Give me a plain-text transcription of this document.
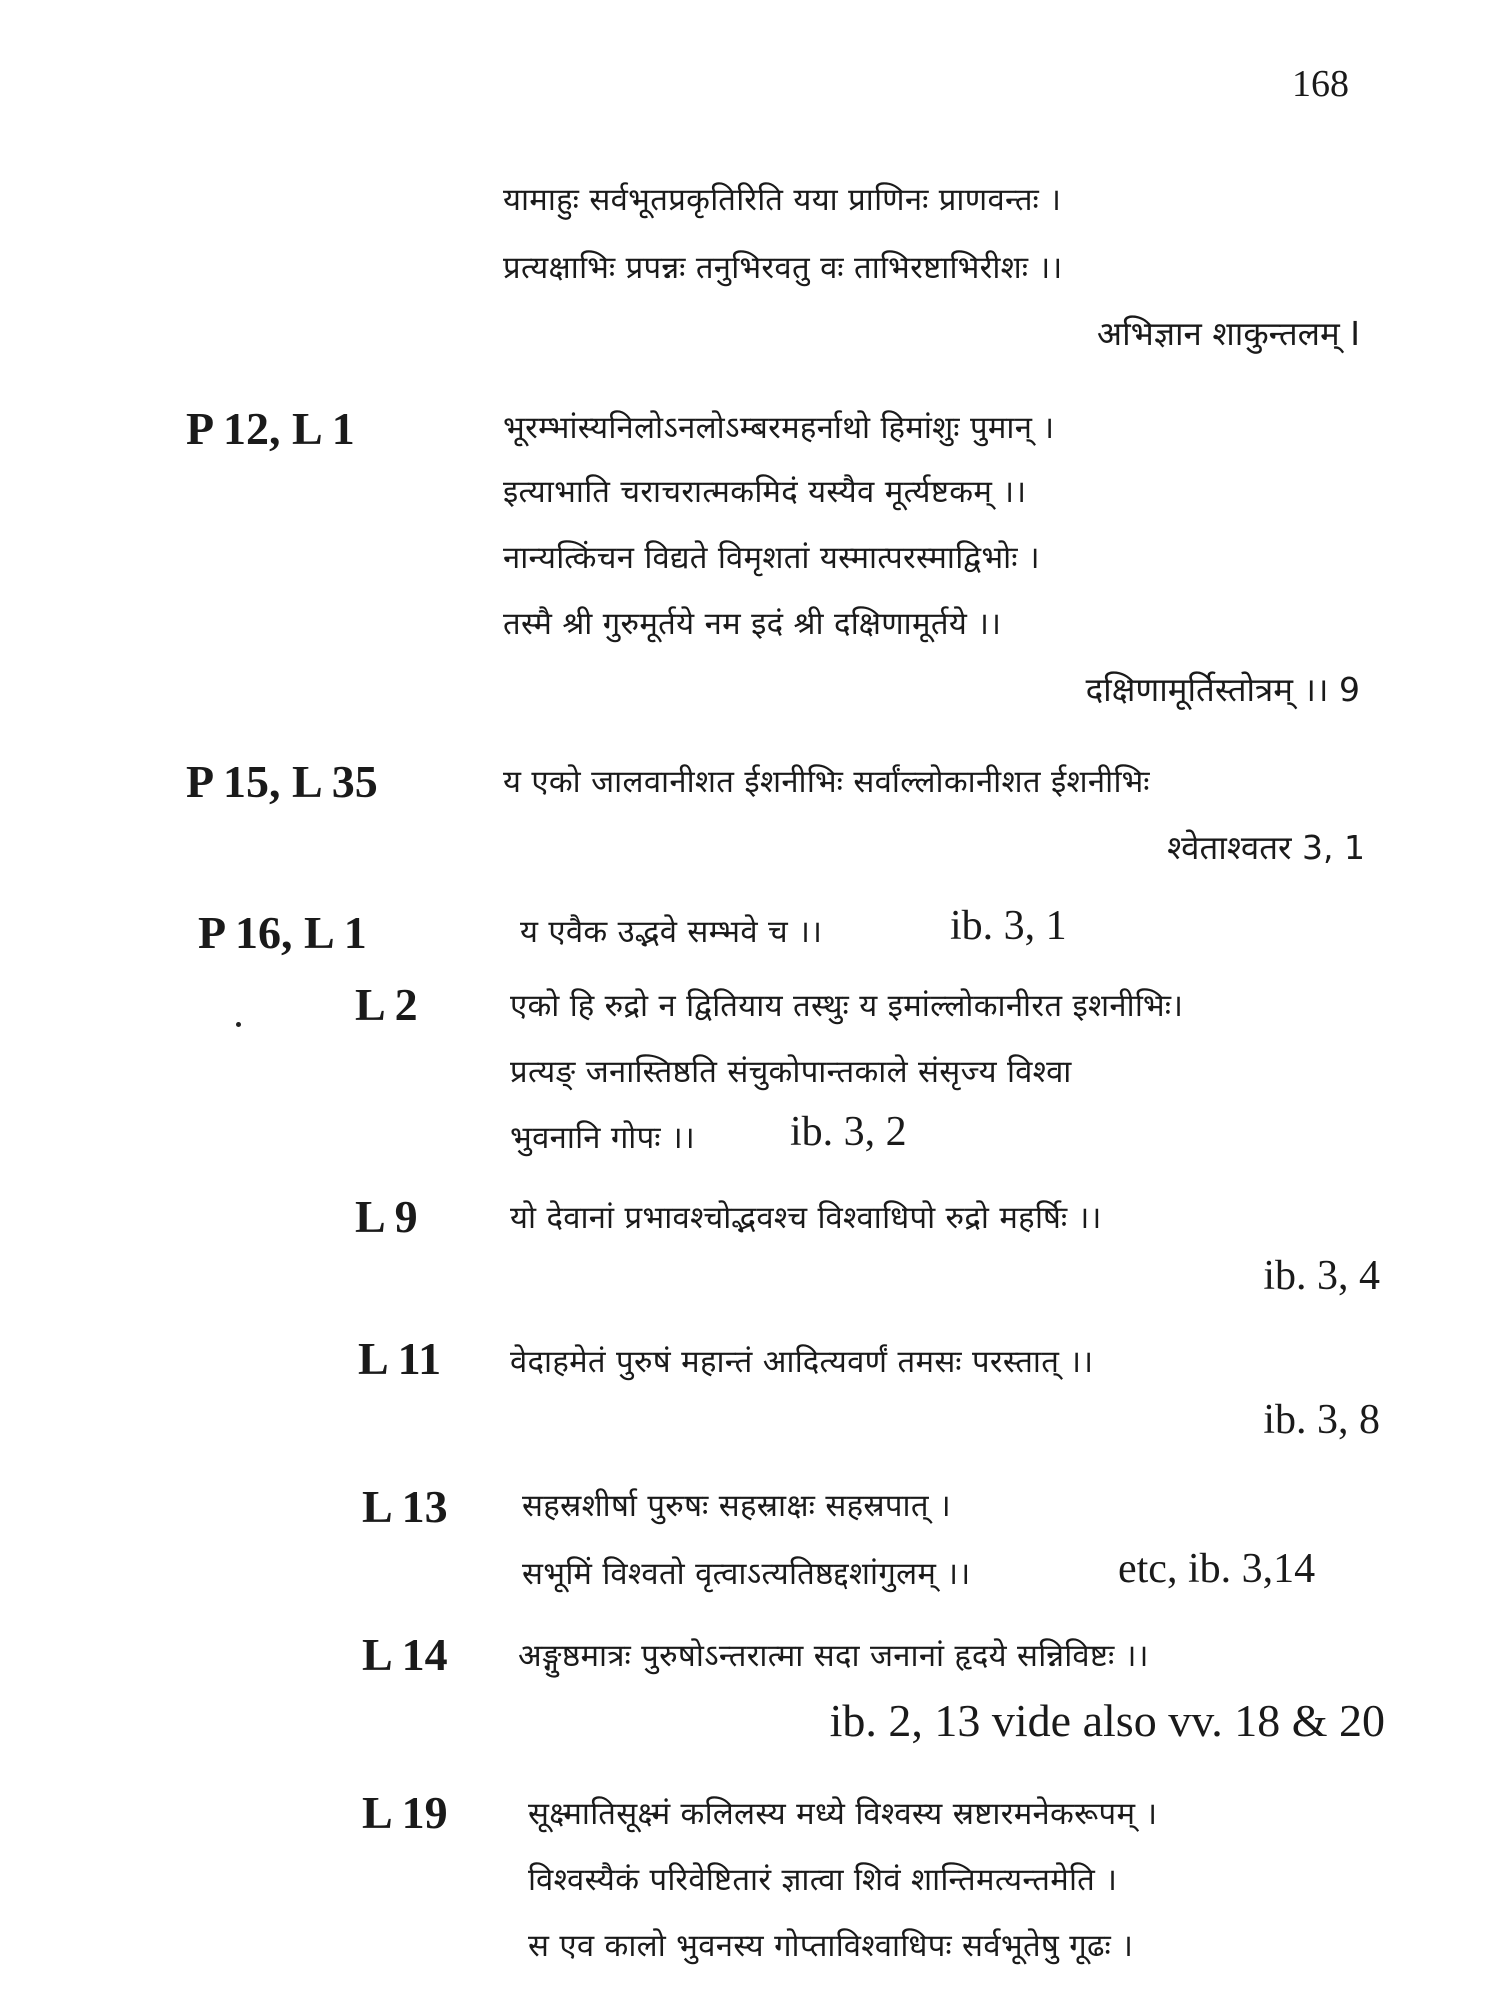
168
यामाहुः सर्वभूतप्रकृतिरिति यया प्राणिनः प्राणवन्तः ।
प्रत्यक्षाभिः प्रपन्नः तनुभिरवतु वः ताभिरष्टाभिरीशः ।।
अभिज्ञान शाकुन्तलम् I
P 12, L 1	भूरम्भांस्यनिलोऽनलोऽम्बरमहर्नाथो हिमांशुः पुमान् ।
इत्याभाति चराचरात्मकमिदं यस्यैव मूर्त्यष्टकम् ।।
नान्यत्किंचन विद्यते विमृशतां यस्मात्परस्माद्विभोः ।
तस्मै श्री गुरुमूर्तये नम इदं श्री दक्षिणामूर्तये ।।
दक्षिणामूर्तिस्तोत्रम् ।। 9
P 15, L 35	य एको जालवानीशत ईशनीभिः सर्वांल्लोकानीशत ईशनीभिः
श्वेताश्वतर 3, 1
P 16, L 1	य एवैक उद्भवे सम्भवे च ।।	ib. 3, 1
L 2	एको हि रुद्रो न द्वितियाय तस्थुः य इमांल्लोकानीरत इशनीभिः।
प्रत्यङ् जनास्तिष्ठति संचुकोपान्तकाले संसृज्य विश्वा
भुवनानि गोपः ।। ib. 3, 2
L 9	यो देवानां प्रभावश्चोद्भवश्च विश्वाधिपो रुद्रो महर्षिः ।।
ib. 3, 4
L 11 वेदाहमेतं पुरुषं महान्तं आदित्यवर्णं तमसः परस्तात् ।।
ib. 3, 8
L 13 सहस्रशीर्षा पुरुषः सहस्राक्षः सहस्रपात् ।
सभूमिं विश्वतो वृत्वाऽत्यतिष्ठद्दशांगुलम् ।।	etc, ib. 3,14
L 14 अङ्गुष्ठमात्रः पुरुषोऽन्तरात्मा सदा जनानां हृदये सन्निविष्टः ।।
ib. 2, 13 vide also vv. 18 & 20
L 19	सूक्ष्मातिसूक्ष्मं कलिलस्य मध्ये विश्वस्य स्रष्टारमनेकरूपम् ।
विश्वस्यैकं परिवेष्टितारं ज्ञात्वा शिवं शान्तिमत्यन्तमेति ।
स एव कालो भुवनस्य गोप्ताविश्वाधिपः सर्वभूतेषु गूढः ।
